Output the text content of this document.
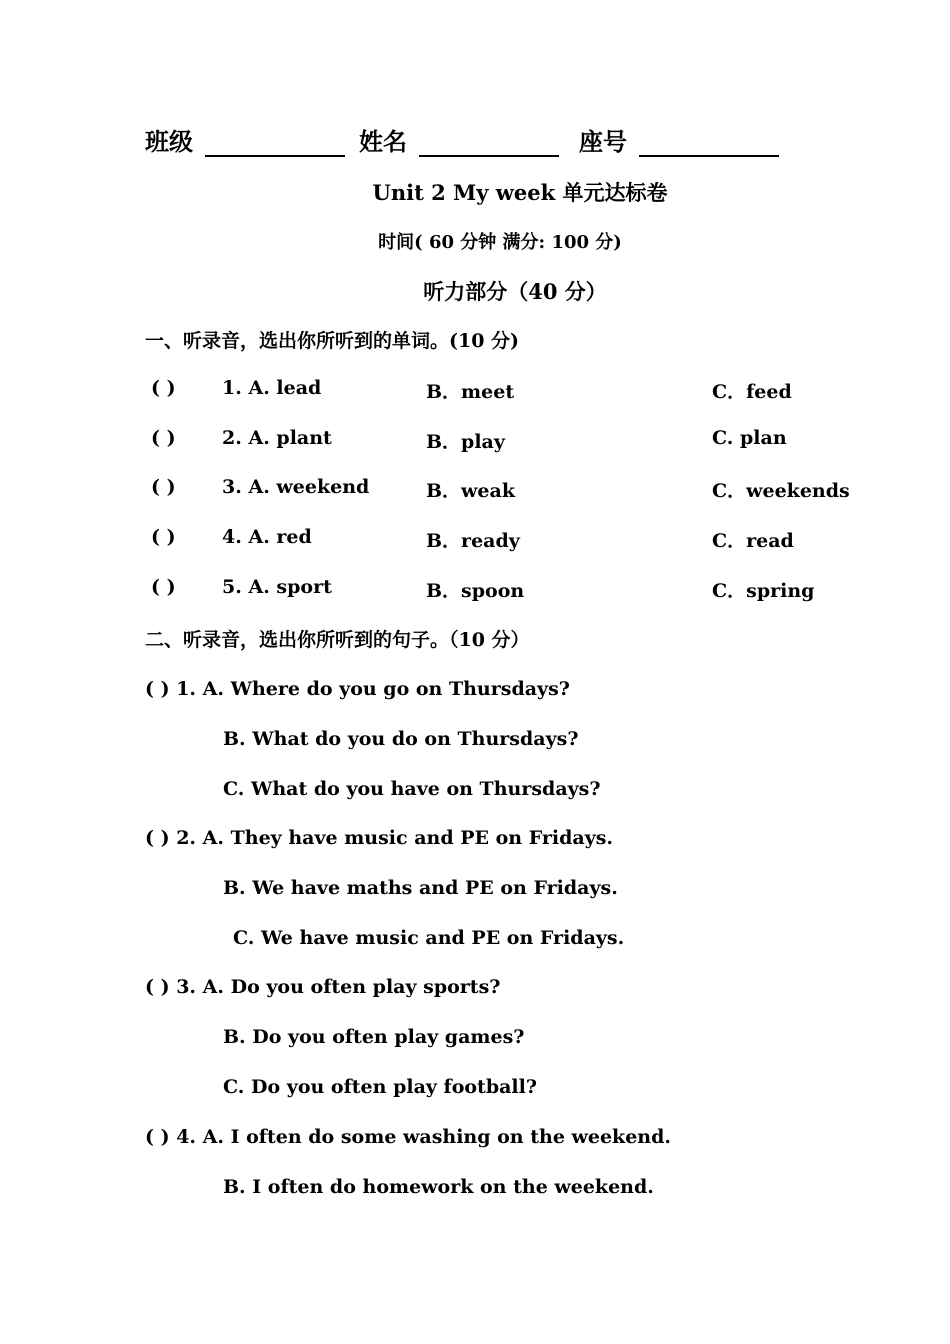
班级	姓名	座号
Unit 2 My week 单元达标卷
时间( 60 分钟 满分: 100 分)
听力部分（40 分）
一、听录音，选出你所听到的单词。(10 分)
( ) 1. A. lead	B．meet	C．feed
( ) 2. A. plant	B．play	C. plan
( ) 3. A. weekend	B．weak	C．weekends
( ) 4. A. red	B．ready	C．read
( ) 5. A. sport	B．spoon	C．spring
二、听录音，选出你所听到的句子。（10 分）
( ) 1. A. Where do you go on Thursdays?
B. What do you do on Thursdays?
C. What do you have on Thursdays?
( ) 2. A. They have music and PE on Fridays.
B. We have maths and PE on Fridays.
C. We have music and PE on Fridays.
( ) 3. A. Do you often play sports?
B. Do you often play games?
C. Do you often play football?
( ) 4. A. I often do some washing on the weekend.
B. I often do homework on the weekend.
